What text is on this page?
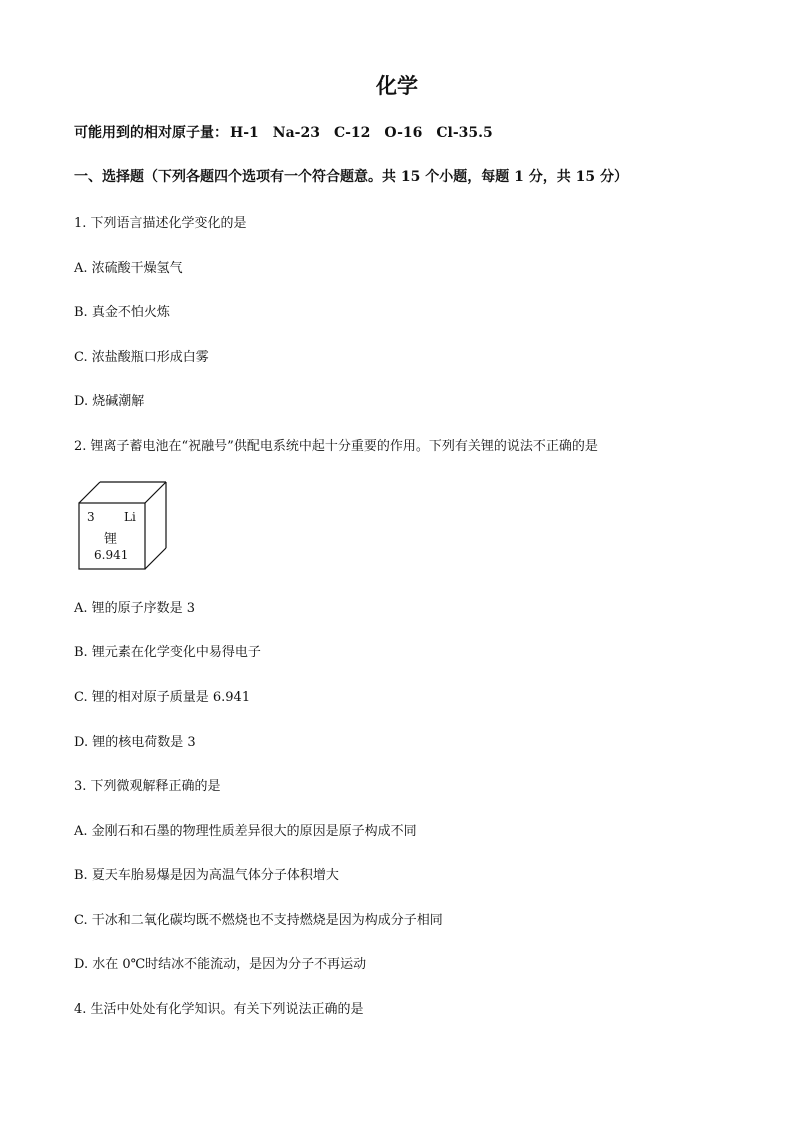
化学
可能用到的相对原子量： H-1 Na-23 C-12 O-16 Cl-35.5
一、选择题（下列各题四个选项有一个符合题意。共 15 个小题，每题 1 分，共 15 分）
1. 下列语言描述化学变化的是
A. 浓硫酸干燥氢气
B. 真金不怕火炼
C. 浓盐酸瓶口形成白雾
D. 烧碱潮解
2. 锂离子蓄电池在“祝融号”供配电系统中起十分重要的作用。下列有关锂的说法不正确的是
3 Li
锂
6.941
A. 锂的原子序数是 3
B. 锂元素在化学变化中易得电子
C. 锂的相对原子质量是 6.941
D. 锂的核电荷数是 3
3. 下列微观解释正确的是
A. 金刚石和石墨的物理性质差异很大的原因是原子构成不同
B. 夏天车胎易爆是因为高温气体分子体积增大
C. 干冰和二氧化碳均既不燃烧也不支持燃烧是因为构成分子相同
D. 水在 0℃时结冰不能流动，是因为分子不再运动
4. 生活中处处有化学知识。有关下列说法正确的是
